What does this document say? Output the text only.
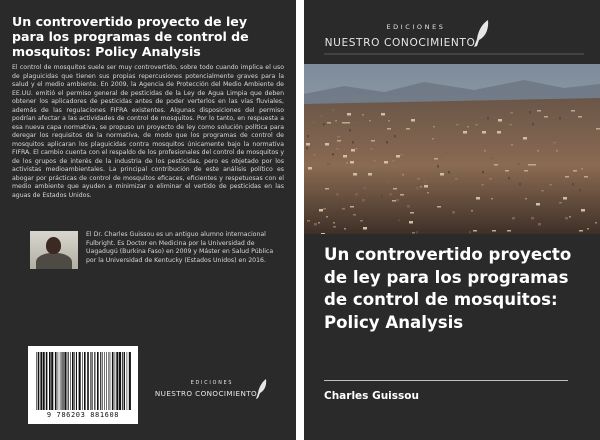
Un controvertido proyecto de ley para los programas de control de mosquitos: Policy Analysis

El control de mosquitos suele ser muy controvertido, sobre todo cuando implica el uso de plaguicidas que tienen sus propias repercusiones potencialmente graves para la salud y el medio ambiente. En 2009, la Agencia de Protección del Medio Ambiente de EE.UU. emitió el permiso general de pesticidas de la Ley de Agua Limpia que deben obtener los aplicadores de pesticidas antes de poder verterlos en las vías fluviales, además de las regulaciones FIFRA existentes. Algunas disposiciones del permiso podrían afectar a las actividades de control de mosquitos. Por lo tanto, en respuesta a esa nueva capa normativa, se propuso un proyecto de ley como solución política para deregar los requisitos de la normativa, de modo que los programas de control de mosquitos aplicaran los plaguicidas contra mosquitos únicamente bajo la normativa FIFRA. El cambio cuenta con el respaldo de los profesionales del control de mosquitos y de los grupos de interés de la industria de los pesticidas, pero es objetado por los activistas medioambientales. La principal contribución de este análisis político es abogar por prácticas de control de mosquitos eficaces, eficientes y respetuosas con el medio ambiente que ayuden a minimizar o eliminar el vertido de pesticidas en las aguas de Estados Unidos.

El Dr. Charles Guissou es un antiguo alumno internacional Fulbright. Es Doctor en Medicina por la Universidad de Uagadugú (Burkina Faso) en 2009 y Máster en Salud Pública por la Universidad de Kentucky (Estados Unidos) en 2016.

9 786203 881608
EDICIONES
NUESTRO CONOCIMIENTO
EDICIONES
NUESTRO CONOCIMIENTO
Un controvertido proyecto de ley para los programas de control de mosquitos: Policy Analysis
Charles Guissou
